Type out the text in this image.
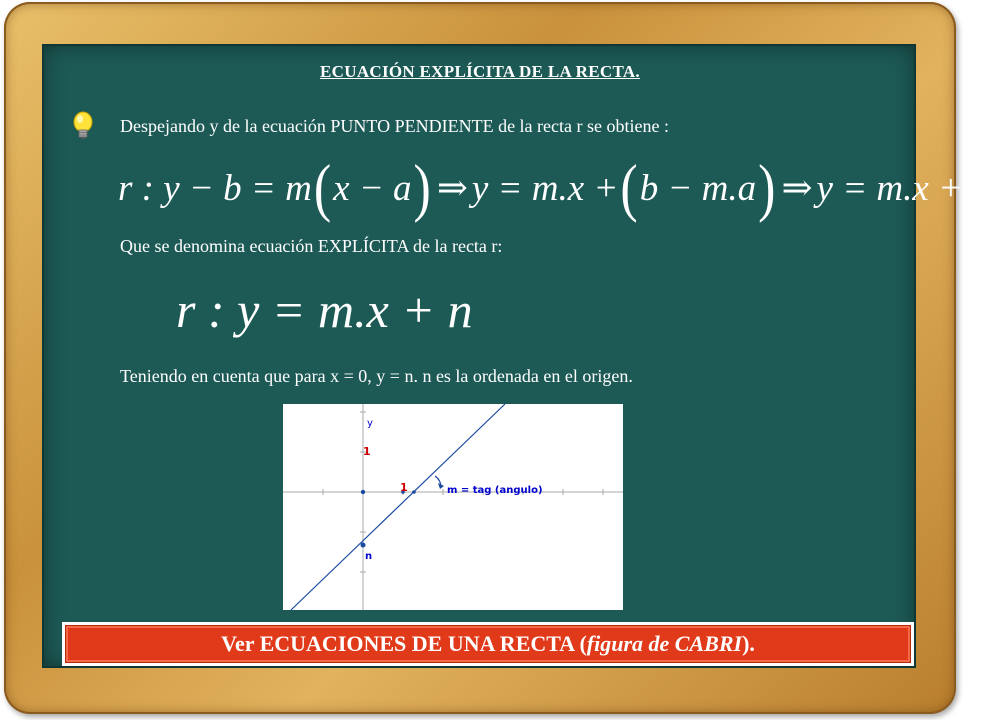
ECUACIÓN EXPLÍCITA DE LA RECTA.
Despejando y de la ecuación PUNTO PENDIENTE de la recta r se obtiene :
r : y − b = m ( x − a ) ⇒ y = m.x + ( b − m.a ) ⇒ y = m.x + n
Que se denomina ecuación EXPLÍCITA de la recta r:
r : y = m.x + n
Teniendo en cuenta que para x = 0, y = n. n es la ordenada en el origen.
y
1
1	m = tag (angulo)
n
Ver ECUACIONES DE UNA RECTA ( figura de CABRI ).
